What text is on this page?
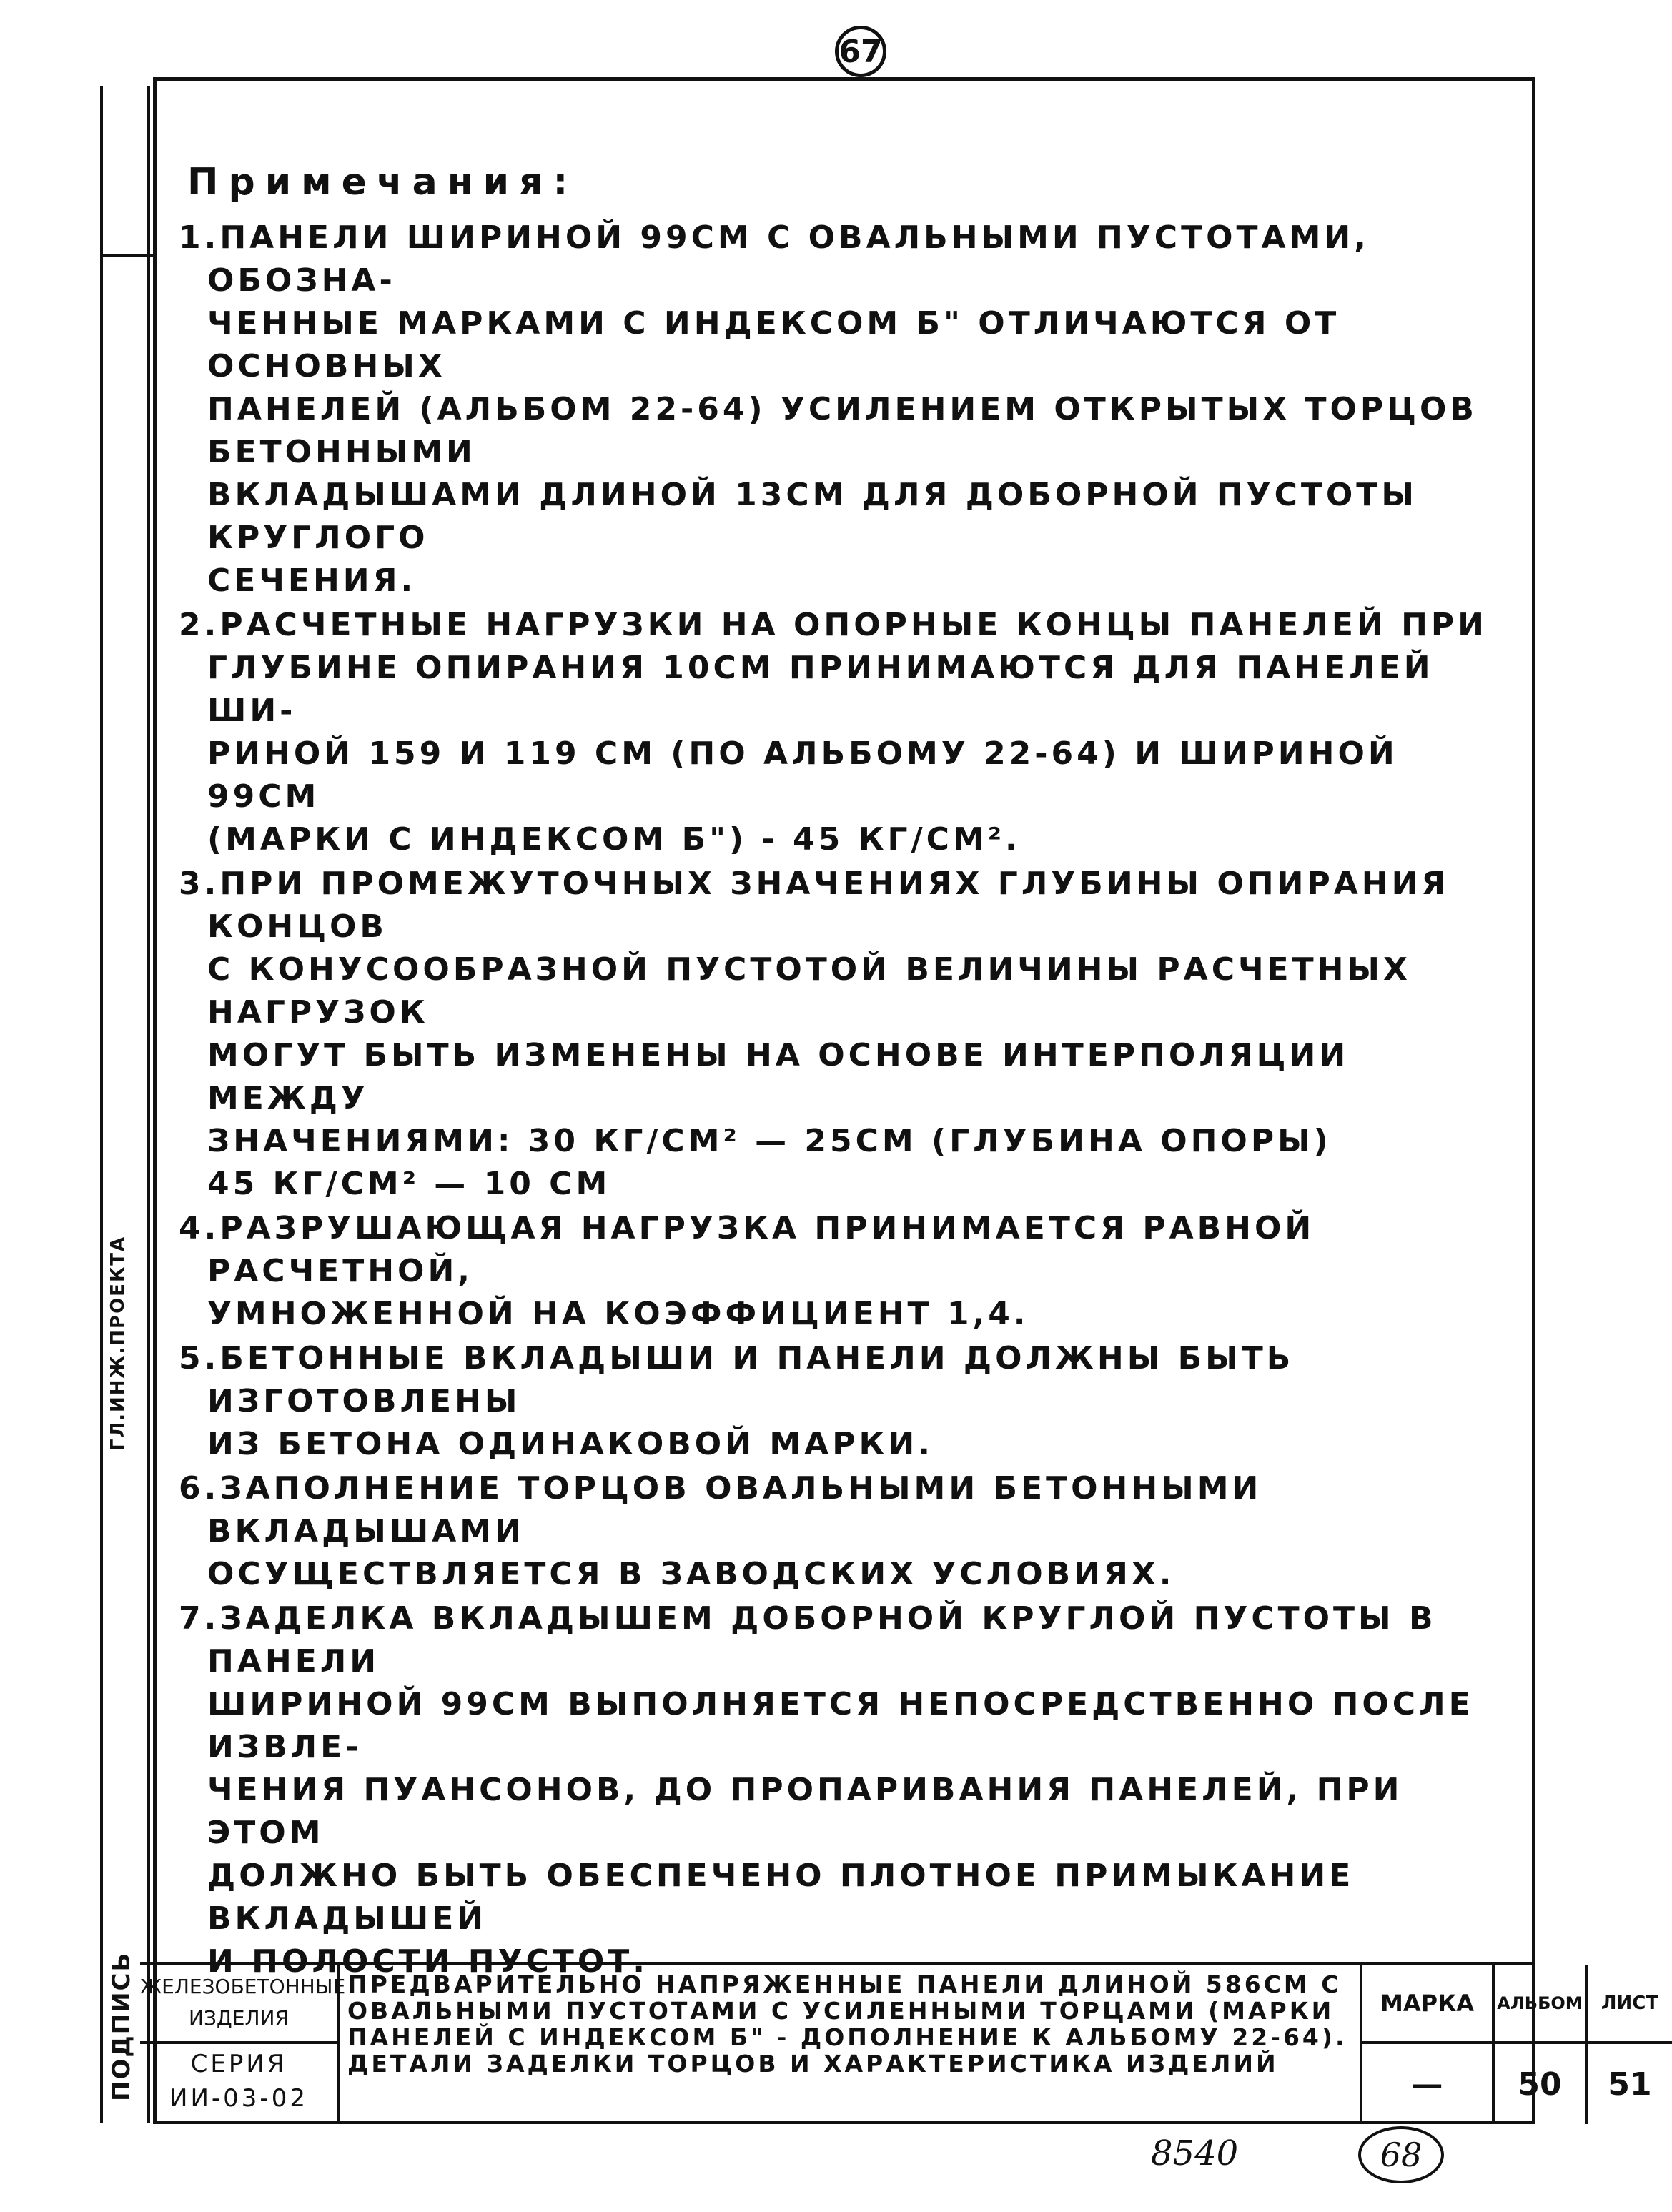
67
ГЛ.ИНЖ.ПРОЕКТА
ПОДПИСЬ
Примечания:
1.ПАНЕЛИ ШИРИНОЙ 99СМ С ОВАЛЬНЫМИ ПУСТОТАМИ, ОБОЗНА-
ЧЕННЫЕ МАРКАМИ С ИНДЕКСОМ Б" ОТЛИЧАЮТСЯ ОТ ОСНОВНЫХ
ПАНЕЛЕЙ (АЛЬБОМ 22-64) УСИЛЕНИЕМ ОТКРЫТЫХ ТОРЦОВ БЕТОННЫМИ
ВКЛАДЫШАМИ ДЛИНОЙ 13СМ ДЛЯ ДОБОРНОЙ ПУСТОТЫ КРУГЛОГО
СЕЧЕНИЯ.
2.РАСЧЕТНЫЕ НАГРУЗКИ НА ОПОРНЫЕ КОНЦЫ ПАНЕЛЕЙ ПРИ
ГЛУБИНЕ ОПИРАНИЯ 10СМ ПРИНИМАЮТСЯ ДЛЯ ПАНЕЛЕЙ ШИ-
РИНОЙ 159 И 119 СМ (ПО АЛЬБОМУ 22-64) И ШИРИНОЙ 99СМ
(МАРКИ С ИНДЕКСОМ Б") - 45 КГ/СМ².
3.ПРИ ПРОМЕЖУТОЧНЫХ ЗНАЧЕНИЯХ ГЛУБИНЫ ОПИРАНИЯ КОНЦОВ
С КОНУСООБРАЗНОЙ ПУСТОТОЙ ВЕЛИЧИНЫ РАСЧЕТНЫХ НАГРУЗОК
МОГУТ БЫТЬ ИЗМЕНЕНЫ НА ОСНОВЕ ИНТЕРПОЛЯЦИИ МЕЖДУ
ЗНАЧЕНИЯМИ: 30 КГ/СМ² — 25СМ (ГЛУБИНА ОПОРЫ)
45 КГ/СМ² — 10 СМ
4.РАЗРУШАЮЩАЯ НАГРУЗКА ПРИНИМАЕТСЯ РАВНОЙ РАСЧЕТНОЙ,
УМНОЖЕННОЙ НА КОЭФФИЦИЕНТ 1,4.
5.БЕТОННЫЕ ВКЛАДЫШИ И ПАНЕЛИ ДОЛЖНЫ БЫТЬ ИЗГОТОВЛЕНЫ
ИЗ БЕТОНА ОДИНАКОВОЙ МАРКИ.
6.ЗАПОЛНЕНИЕ ТОРЦОВ ОВАЛЬНЫМИ БЕТОННЫМИ ВКЛАДЫШАМИ
ОСУЩЕСТВЛЯЕТСЯ В ЗАВОДСКИХ УСЛОВИЯХ.
7.ЗАДЕЛКА ВКЛАДЫШЕМ ДОБОРНОЙ КРУГЛОЙ ПУСТОТЫ В ПАНЕЛИ
ШИРИНОЙ 99СМ ВЫПОЛНЯЕТСЯ НЕПОСРЕДСТВЕННО ПОСЛЕ ИЗВЛЕ-
ЧЕНИЯ ПУАНСОНОВ, ДО ПРОПАРИВАНИЯ ПАНЕЛЕЙ, ПРИ ЭТОМ
ДОЛЖНО БЫТЬ ОБЕСПЕЧЕНО ПЛОТНОЕ ПРИМЫКАНИЕ ВКЛАДЫШЕЙ
И ПОЛОСТИ ПУСТОТ.
ЖЕЛЕЗОБЕТОННЫЕ ИЗДЕЛИЯ
СЕРИЯ
ИИ-03-02
ПРЕДВАРИТЕЛЬНО НАПРЯЖЕННЫЕ ПАНЕЛИ ДЛИНОЙ 586СМ С ОВАЛЬНЫМИ ПУСТОТАМИ С УСИЛЕННЫМИ ТОРЦАМИ (МАРКИ ПАНЕЛЕЙ С ИНДЕКСОМ Б" - ДОПОЛНЕНИЕ К АЛЬБОМУ 22-64). ДЕТАЛИ ЗАДЕЛКИ ТОРЦОВ И ХАРАКТЕРИСТИКА ИЗДЕЛИЙ
МАРКА
—
АЛЬБОМ
50
ЛИСТ
51
8540	68
